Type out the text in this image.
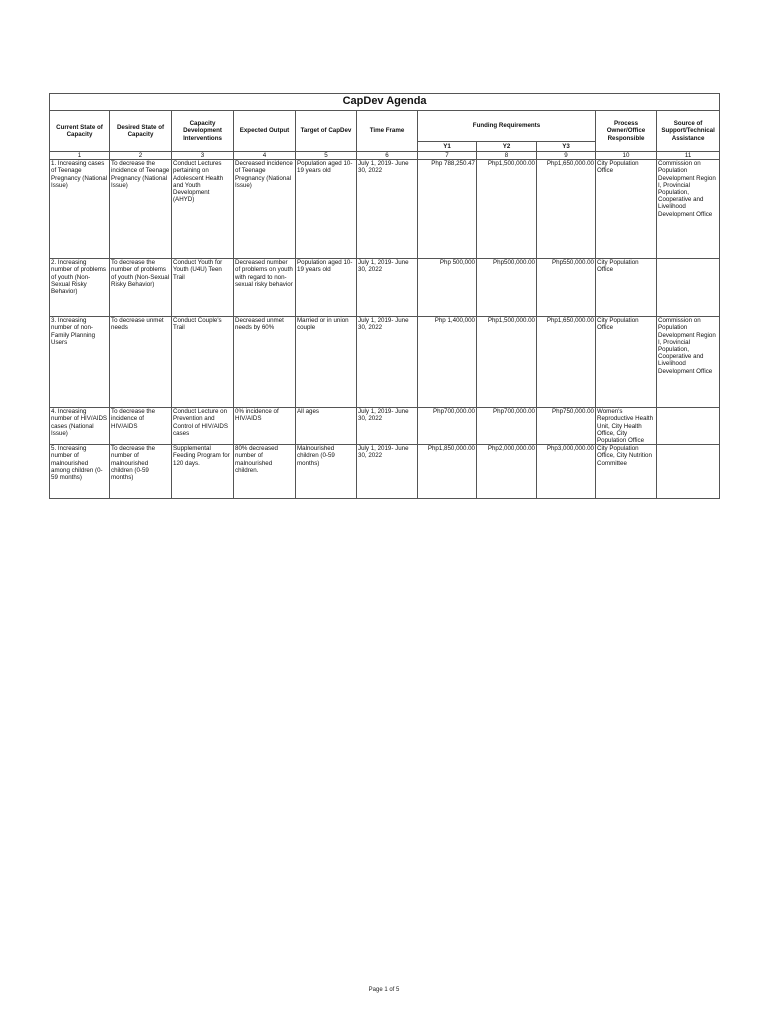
CapDev Agenda										
Current State of Capacity	Desired State of Capacity	Capacity Development Interventions	Expected Output	Target of CapDev	Time Frame	Funding Requirements			Process Owner/Office Responsible	Source of Support/Technical Assistance
						Y1	Y2	Y3		
1	2	3	4	5	6	7	8	9	10	11
1. Increasing cases of Teenage Pregnancy (National Issue)	To decrease the incidence of Teenage Pregnancy (National Issue)	Conduct Lectures pertaining on Adolescent Health and Youth Development (AHYD)	Decreased incidence of Teenage Pregnancy (National Issue)	Population aged 10-19 years old	July 1, 2019- June 30, 2022	Php 788,250.47	Php1,500,000.00	Php1,650,000.00	City Population Office	Commission on Population Development Region I, Provincial Population, Cooperative and Livelihood Development Office
2. Increasing number of problems of youth (Non-Sexual Risky Behavior)	To decrease the number of problems of youth (Non-Sexual Risky Behavior)	Conduct Youth for Youth (U4U) Teen Trail	Decreased number of problems on youth with regard to non-sexual risky behavior	Population aged 10-19 years old	July 1, 2019- June 30, 2022	Php 500,000	Php500,000.00	Php550,000.00	City Population Office	
3. Increasing number of non-Family Planning Users	To decrease unmet needs	Conduct Couple's Trail	Decreased unmet needs by 60%	Married or in union couple	July 1, 2019- June 30, 2022	Php 1,400,000	Php1,500,000.00	Php1,650,000.00	City Population Office	Commission on Population Development Region I, Provincial Population, Cooperative and Livelihood Development Office
4. Increasing number of HIV/AIDS cases (National Issue)	To decrease the incidence of HIV/AIDS	Conduct Lecture on Prevention and Control of HIV/AIDS cases	0% incidence of HIV/AIDS	All ages	July 1, 2019- June 30, 2022	Php700,000.00	Php700,000.00	Php750,000.00	Women's Reproductive Health Unit, City Health Office, City Population Office	
5. Increasing number of malnourished among children (0-59 months)	To decrease the number of malnourished children (0-59 months)	Supplemental Feeding Program for 120 days.	80% decreased number of malnourished children.	Malnourished children (0-59 months)	July 1, 2019- June 30, 2022	Php1,850,000.00	Php2,000,000.00	Php3,000,000.00	City Population Office, City Nutrition Committee	
Page 1 of 5
